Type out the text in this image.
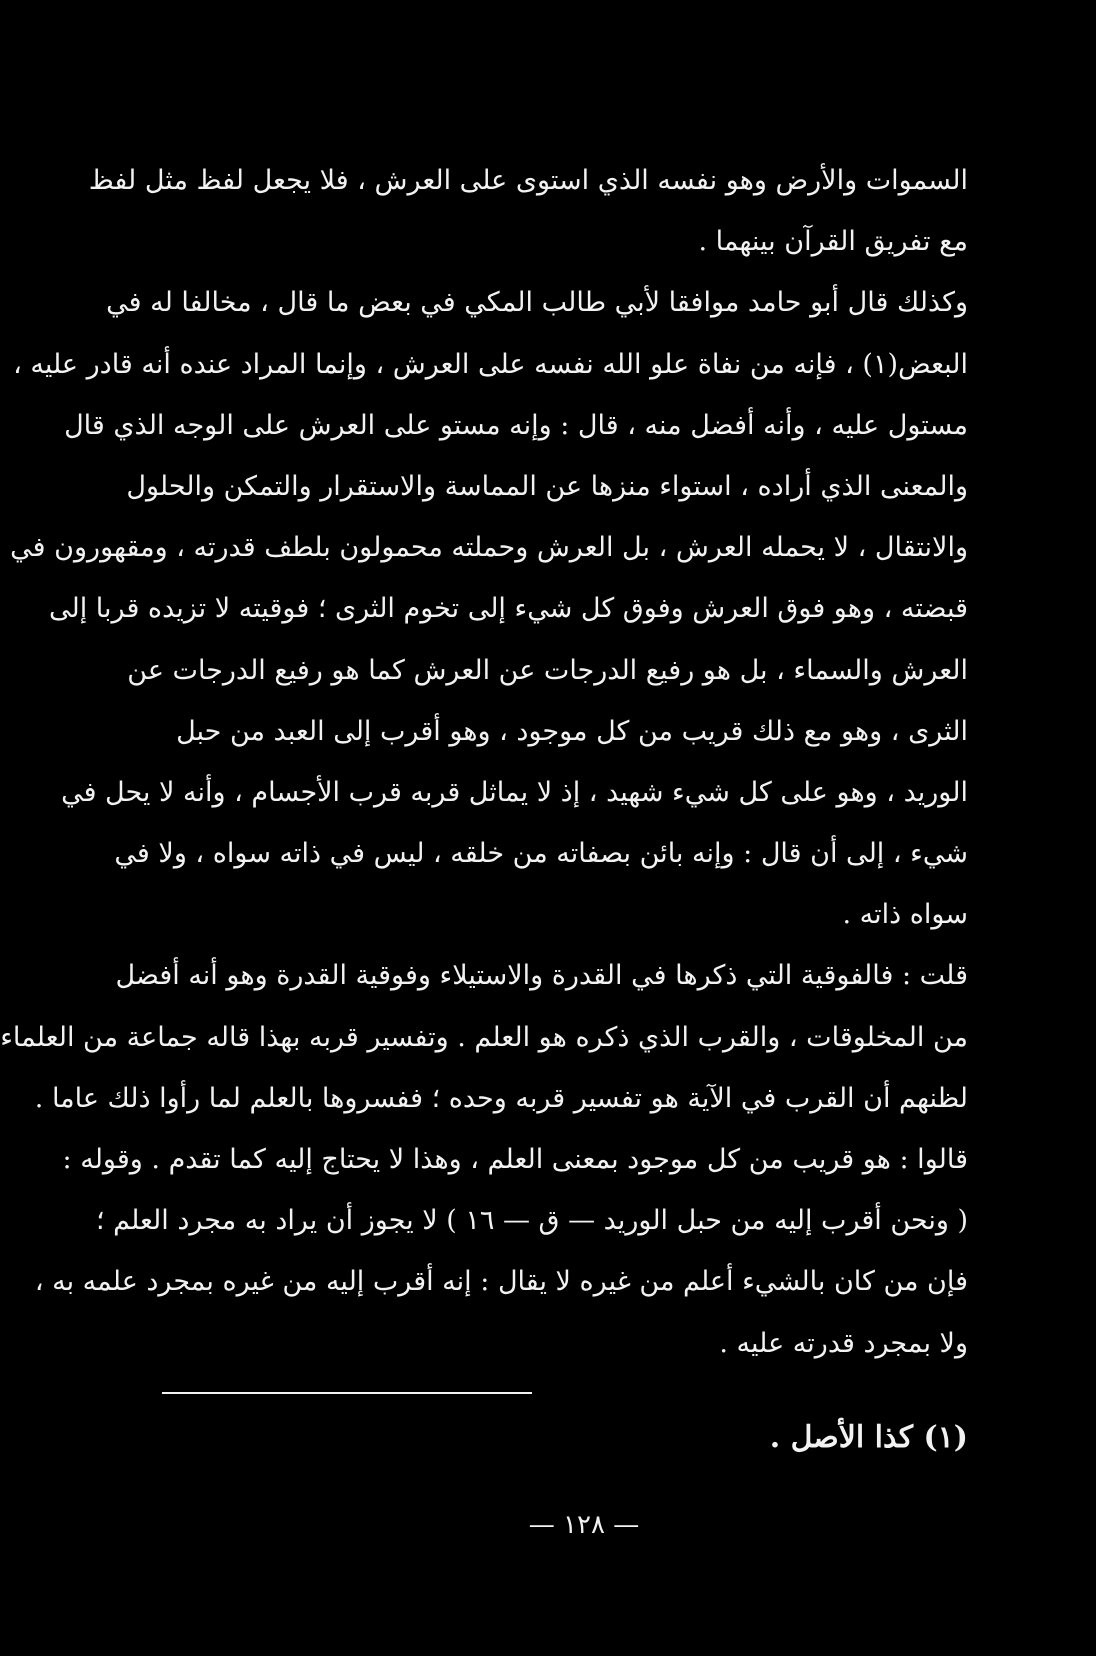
السموات والأرض وهو نفسه الذي استوى على العرش ، فلا يجعل لفظ مثل لفظ
مع تفريق القرآن بينهما .
وكذلك قال أبو حامد موافقا لأبي طالب المكي في بعض ما قال ، مخالفا له في
البعض(١) ، فإنه من نفاة علو الله نفسه على العرش ، وإنما المراد عنده أنه قادر عليه ،
مستول عليه ، وأنه أفضل منه ، قال : وإنه مستو على العرش على الوجه الذي قال
والمعنى الذي أراده ، استواء منزها عن المماسة والاستقرار والتمكن والحلول
والانتقال ، لا يحمله العرش ، بل العرش وحملته محمولون بلطف قدرته ، ومقهورون في
قبضته ، وهو فوق العرش وفوق كل شيء إلى تخوم الثرى ؛ فوقيته لا تزيده قربا إلى
العرش والسماء ، بل هو رفيع الدرجات عن العرش كما هو رفيع الدرجات عن
الثرى ، وهو مع ذلك قريب من كل موجود ، وهو أقرب إلى العبد من حبل
الوريد ، وهو على كل شيء شهيد ، إذ لا يماثل قربه قرب الأجسام ، وأنه لا يحل في
شيء ، إلى أن قال : وإنه بائن بصفاته من خلقه ، ليس في ذاته سواه ، ولا في
سواه ذاته .
قلت : فالفوقية التي ذكرها في القدرة والاستيلاء وفوقية القدرة وهو أنه أفضل
من المخلوقات ، والقرب الذي ذكره هو العلم . وتفسير قربه بهذا قاله جماعة من العلماء
لظنهم أن القرب في الآية هو تفسير قربه وحده ؛ ففسروها بالعلم لما رأوا ذلك عاما .
قالوا : هو قريب من كل موجود بمعنى العلم ، وهذا لا يحتاج إليه كما تقدم . وقوله :
( ونحن أقرب إليه من حبل الوريد — ق — ١٦ ) لا يجوز أن يراد به مجرد العلم ؛
فإن من كان بالشيء أعلم من غيره لا يقال : إنه أقرب إليه من غيره بمجرد علمه به ،
ولا بمجرد قدرته عليه .
(١) كذا الأصل .
— ١٢٨ —
